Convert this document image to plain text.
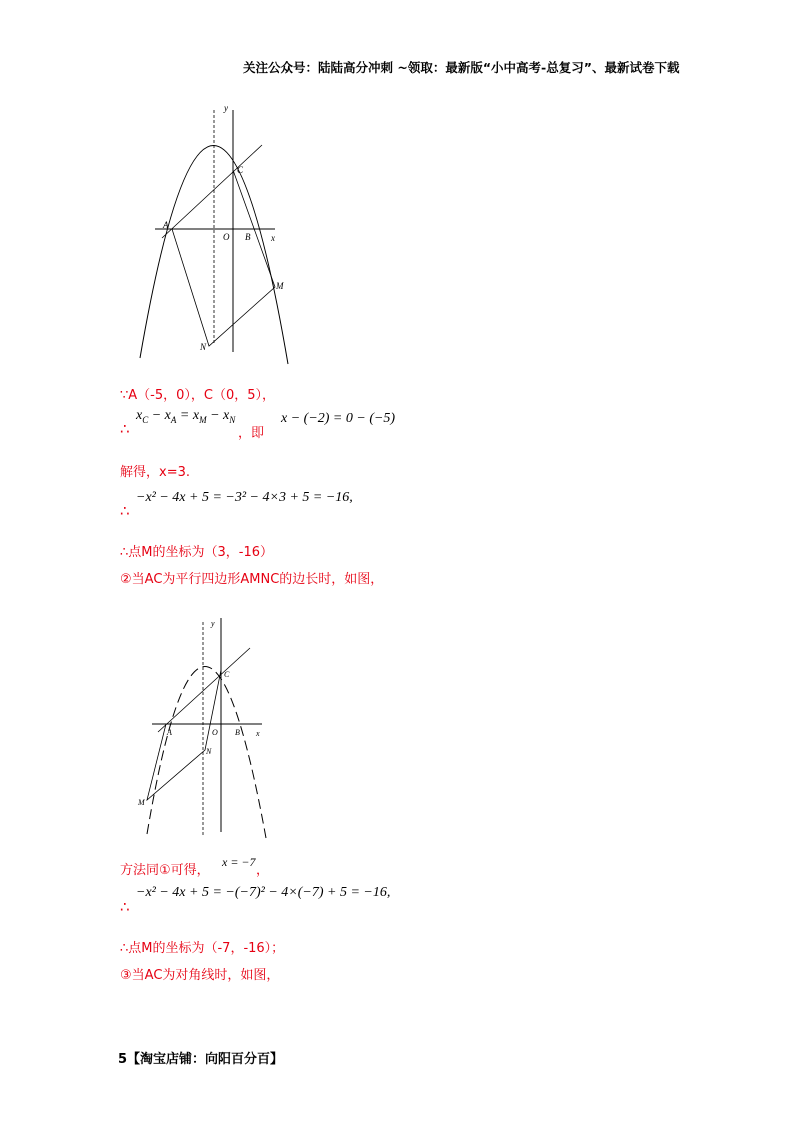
关注公众号：陆陆高分冲刺 ~领取：最新版“小中高考-总复习”、最新试卷下载
y
x
A
O B
C
M
N
∵A（-5，0），C（0，5），
∴
$x_C - x_A = x_M - x_N$
，即
x − (−2) = 0 − (−5)
解得，x=3.
∴
−x² − 4x + 5 = −3² − 4×3 + 5 = −16,
∴点M的坐标为（3，-16）
②当AC为平行四边形AMNC的边长时，如图，
y
x
A	O B
C
M
N
方法同①可得，
x = −7
，
∴
−x² − 4x + 5 = −(−7)² − 4×(−7) + 5 = −16,
∴点M的坐标为（-7，-16）；
③当AC为对角线时，如图，
5【淘宝店铺：向阳百分百】
